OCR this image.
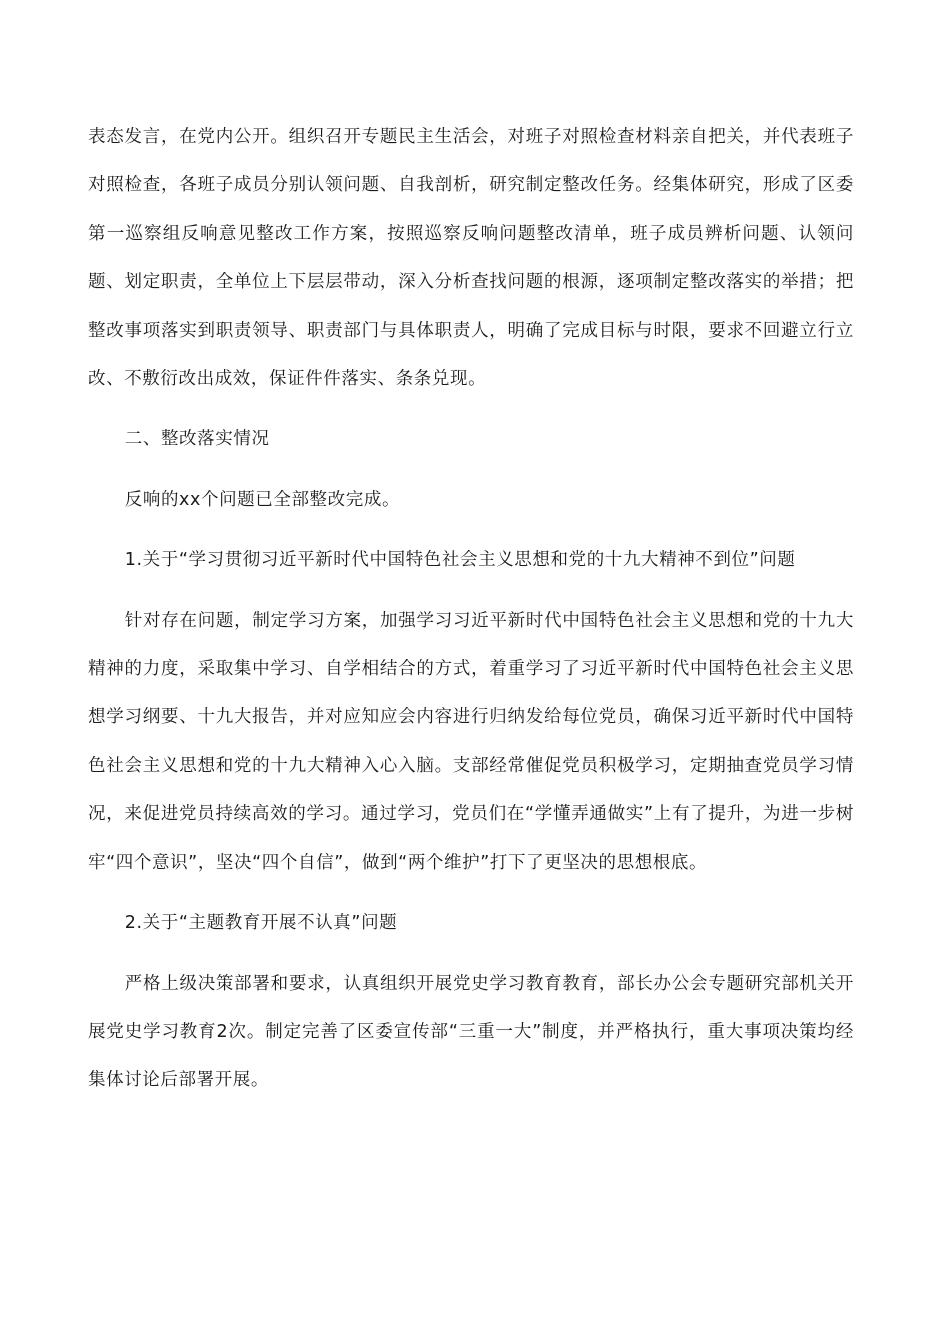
表态发言，在党内公开。组织召开专题民主生活会，对班子对照检查材料亲自把关，并代表班子对照检查，各班子成员分别认领问题、自我剖析，研究制定整改任务。经集体研究，形成了区委第一巡察组反响意见整改工作方案，按照巡察反响问题整改清单，班子成员辨析问题、认领问题、划定职责，全单位上下层层带动，深入分析查找问题的根源，逐项制定整改落实的举措；把整改事项落实到职责领导、职责部门与具体职责人，明确了完成目标与时限，要求不回避立行立改、不敷衍改出成效，保证件件落实、条条兑现。

二、整改落实情况

反响的xx个问题已全部整改完成。

1.关于“学习贯彻习近平新时代中国特色社会主义思想和党的十九大精神不到位”问题

针对存在问题，制定学习方案，加强学习习近平新时代中国特色社会主义思想和党的十九大精神的力度，采取集中学习、自学相结合的方式，着重学习了习近平新时代中国特色社会主义思想学习纲要、十九大报告，并对应知应会内容进行归纳发给每位党员，确保习近平新时代中国特色社会主义思想和党的十九大精神入心入脑。支部经常催促党员积极学习，定期抽查党员学习情况，来促进党员持续高效的学习。通过学习，党员们在“学懂弄通做实”上有了提升，为进一步树牢“四个意识”，坚决“四个自信”，做到“两个维护”打下了更坚决的思想根底。

2.关于“主题教育开展不认真”问题

严格上级决策部署和要求，认真组织开展党史学习教育教育，部长办公会专题研究部机关开展党史学习教育2次。制定完善了区委宣传部“三重一大”制度，并严格执行，重大事项决策均经集体讨论后部署开展。
